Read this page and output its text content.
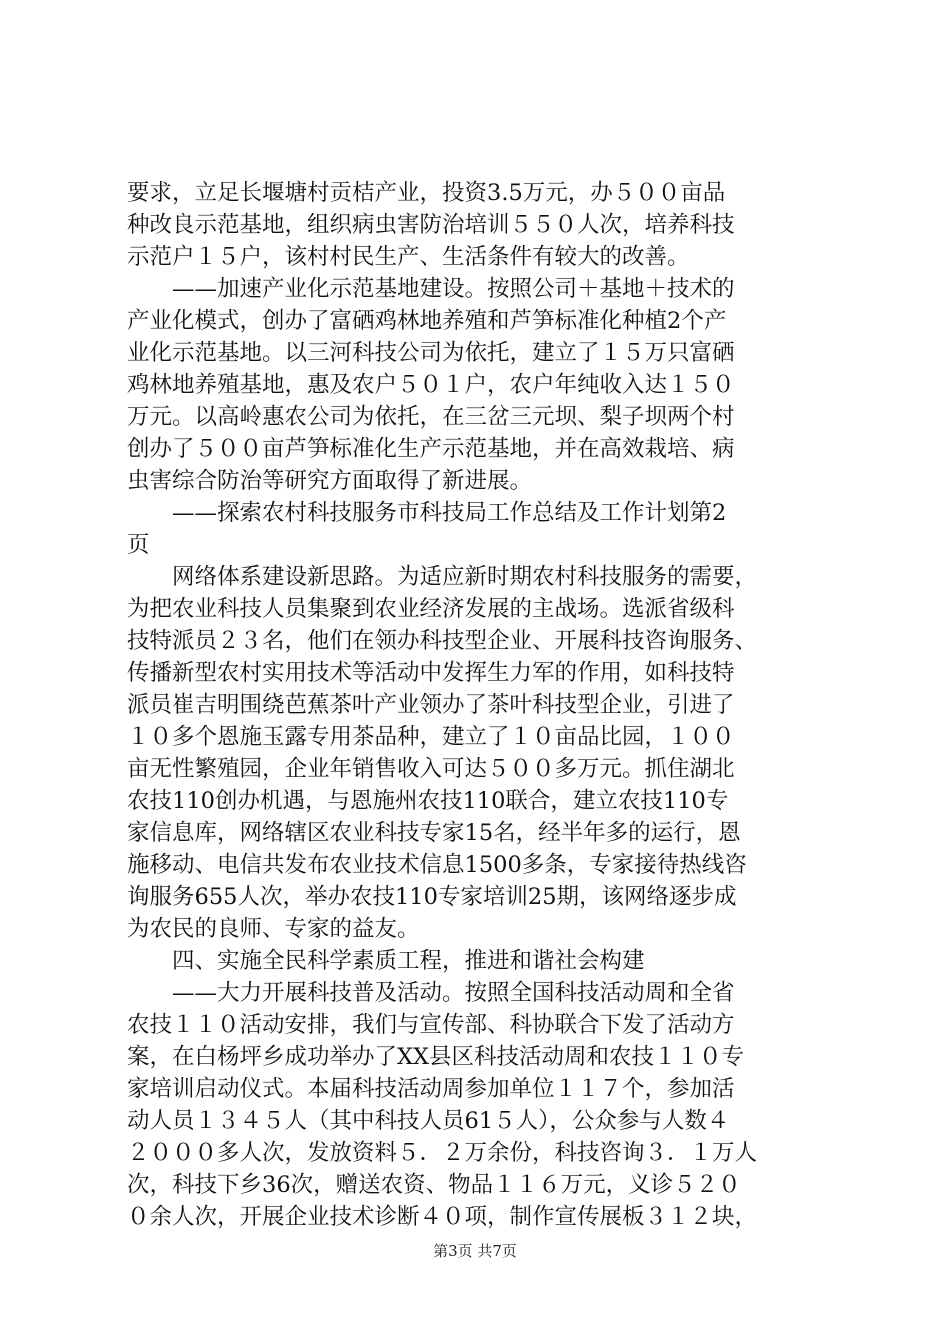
要求，立足长堰塘村贡桔产业，投资3.5万元，办５００亩品
种改良示范基地，组织病虫害防治培训５５０人次，培养科技
示范户１５户，该村村民生产、生活条件有较大的改善。
　　——加速产业化示范基地建设。按照公司＋基地＋技术的
产业化模式，创办了富硒鸡林地养殖和芦笋标准化种植2个产
业化示范基地。以三河科技公司为依托，建立了１５万只富硒
鸡林地养殖基地，惠及农户５０１户，农户年纯收入达１５０
万元。以高岭惠农公司为依托，在三岔三元坝、梨子坝两个村
创办了５００亩芦笋标准化生产示范基地，并在高效栽培、病
虫害综合防治等研究方面取得了新进展。
　　——探索农村科技服务市科技局工作总结及工作计划第2
页
　　网络体系建设新思路。为适应新时期农村科技服务的需要，
为把农业科技人员集聚到农业经济发展的主战场。选派省级科
技特派员２３名，他们在领办科技型企业、开展科技咨询服务、
传播新型农村实用技术等活动中发挥生力军的作用，如科技特
派员崔吉明围绕芭蕉茶叶产业领办了茶叶科技型企业，引进了
１０多个恩施玉露专用茶品种，建立了１０亩品比园，１００
亩无性繁殖园，企业年销售收入可达５００多万元。抓住湖北
农技110创办机遇，与恩施州农技110联合，建立农技110专
家信息库，网络辖区农业科技专家15名，经半年多的运行，恩
施移动、电信共发布农业技术信息1500多条，专家接待热线咨
询服务655人次，举办农技110专家培训25期，该网络逐步成
为农民的良师、专家的益友。
　　四、实施全民科学素质工程，推进和谐社会构建
　　——大力开展科技普及活动。按照全国科技活动周和全省
农技１１０活动安排，我们与宣传部、科协联合下发了活动方
案，在白杨坪乡成功举办了XX县区科技活动周和农技１１０专
家培训启动仪式。本届科技活动周参加单位１１７个，参加活
动人员１３４５人（其中科技人员61５人），公众参与人数４
２０００多人次，发放资料５．２万余份，科技咨询３．１万人
次，科技下乡36次，赠送农资、物品１１６万元，义诊５２０
０余人次，开展企业技术诊断４０项，制作宣传展板３１２块，
第3页 共7页
